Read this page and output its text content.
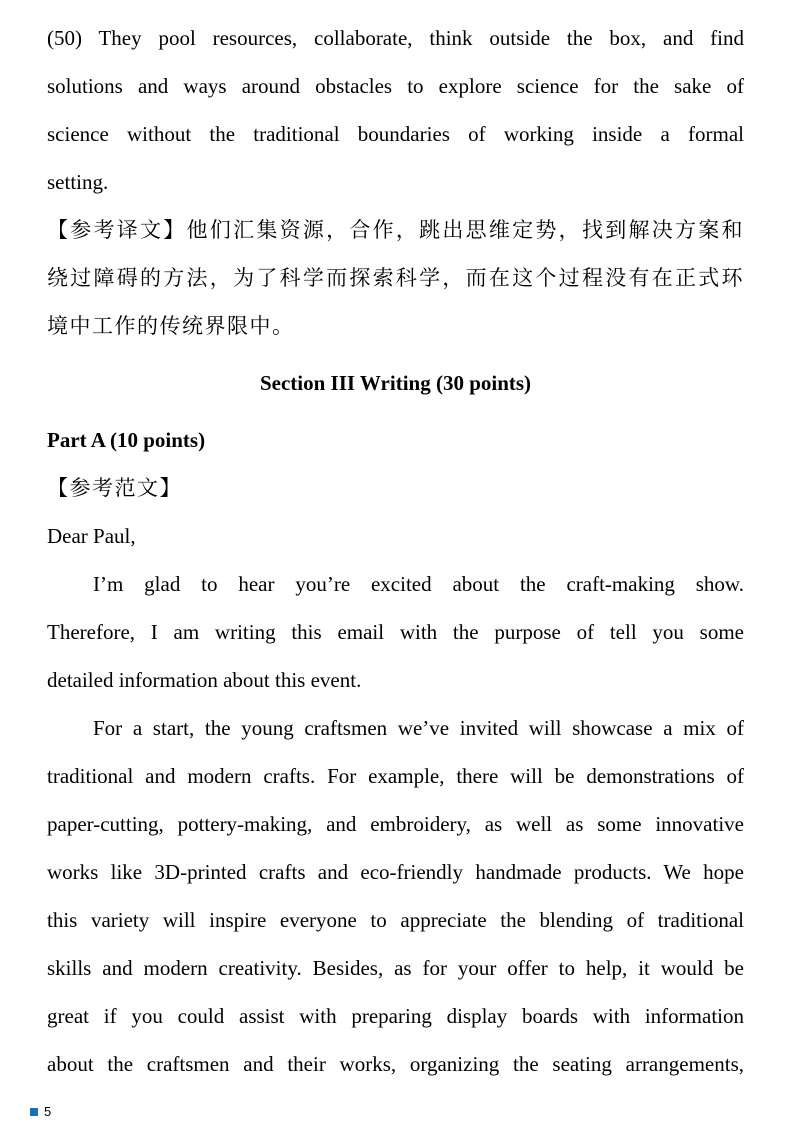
(50) They pool resources, collaborate, think outside the box, and find
solutions and ways around obstacles to explore science for the sake of
science without the traditional boundaries of working inside a formal
setting.
【参考译文】他们汇集资源，合作，跳出思维定势，找到解决方案和
绕过障碍的方法，为了科学而探索科学，而在这个过程没有在正式环
境中工作的传统界限中。
Section III Writing (30 points)
Part A (10 points)
【参考范文】
Dear Paul,
I’m glad to hear you’re excited about the craft-making show.
Therefore, I am writing this email with the purpose of tell you some
detailed information about this event.
For a start, the young craftsmen we’ve invited will showcase a mix of
traditional and modern crafts. For example, there will be demonstrations of
paper-cutting, pottery-making, and embroidery, as well as some innovative
works like 3D-printed crafts and eco-friendly handmade products. We hope
this variety will inspire everyone to appreciate the blending of traditional
skills and modern creativity. Besides, as for your offer to help, it would be
great if you could assist with preparing display boards with information
about the craftsmen and their works, organizing the seating arrangements,
5
